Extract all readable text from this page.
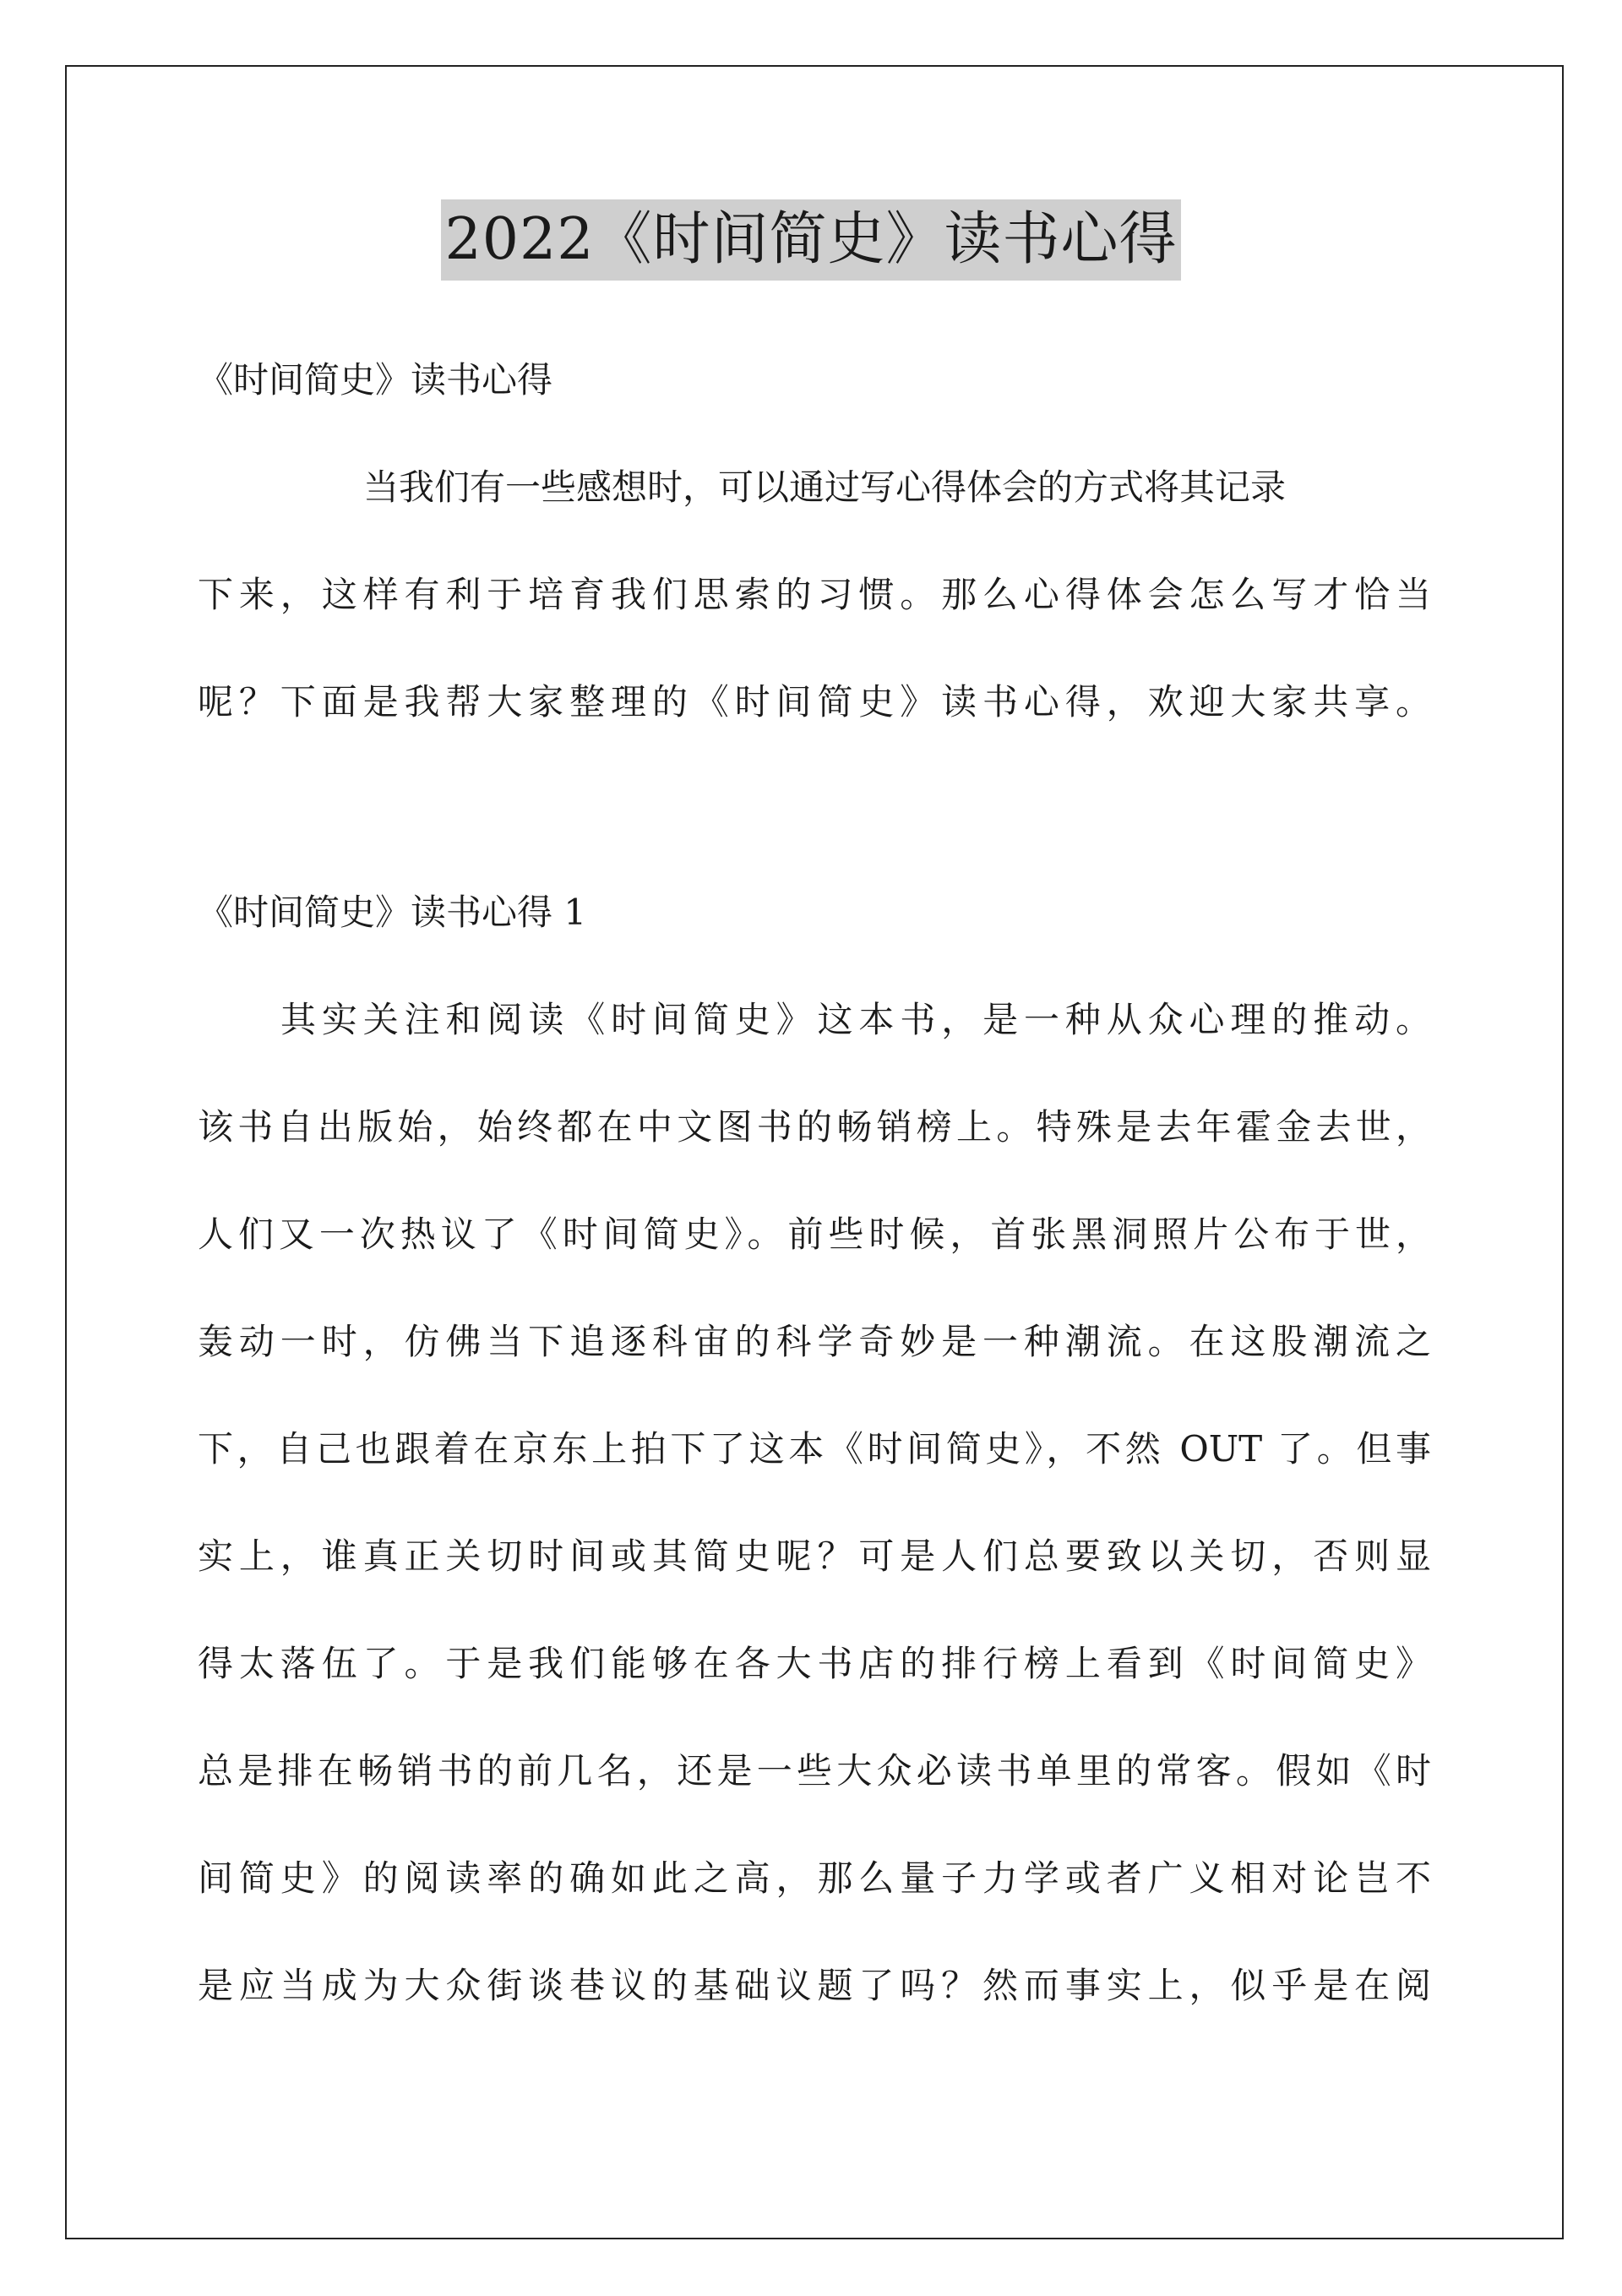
2022《时间简史》读书心得
《时间简史》读书心得
当我们有一些感想时，可以通过写心得体会的方式将其记录
下来，这样有利于培育我们思索的习惯。那么心得体会怎么写才恰当
呢？下面是我帮大家整理的《时间简史》读书心得，欢迎大家共享。
《时间简史》读书心得 1
其实关注和阅读《时间简史》这本书，是一种从众心理的推动。
该书自出版始，始终都在中文图书的畅销榜上。特殊是去年霍金去世，
人们又一次热议了《时间简史》。前些时候，首张黑洞照片公布于世，
轰动一时，仿佛当下追逐科宙的科学奇妙是一种潮流。在这股潮流之
下，自己也跟着在京东上拍下了这本《时间简史》，不然 OUT 了。但事
实上，谁真正关切时间或其简史呢？可是人们总要致以关切，否则显
得太落伍了。于是我们能够在各大书店的排行榜上看到《时间简史》
总是排在畅销书的前几名，还是一些大众必读书单里的常客。假如《时
间简史》的阅读率的确如此之高，那么量子力学或者广义相对论岂不
是应当成为大众街谈巷议的基础议题了吗？然而事实上，似乎是在阅
